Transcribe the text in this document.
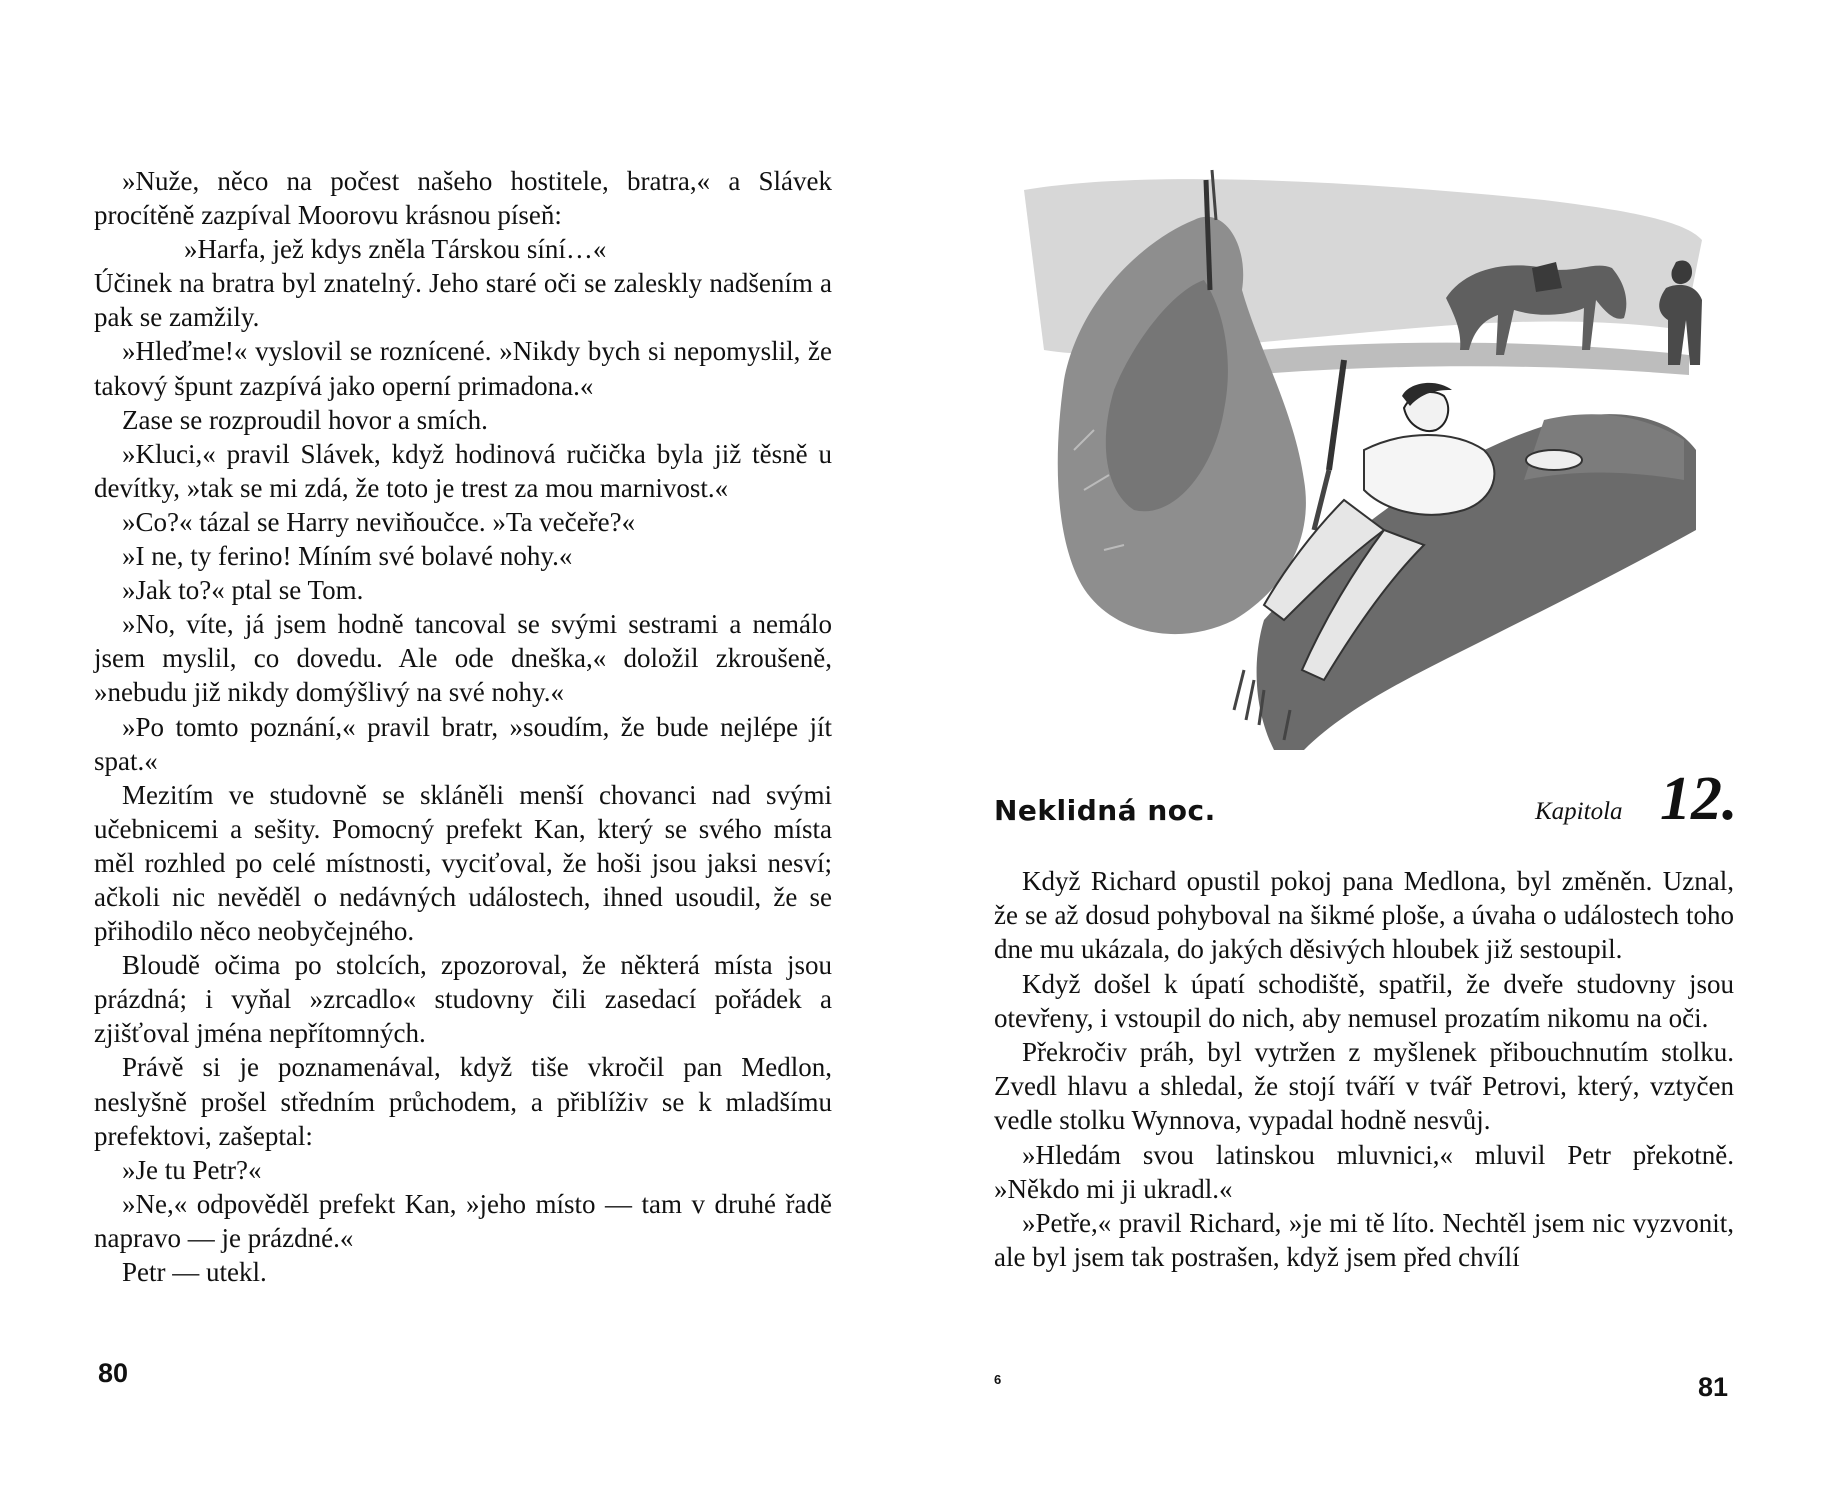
»Nuže, něco na počest našeho hostitele, bratra,« a Slávek procítěně zazpíval Moorovu krásnou píseň:

»Harfa, jež kdys zněla Társkou síní…«

Účinek na bratra byl znatelný. Jeho staré oči se zaleskly nadšením a pak se zamžily.

»Hleďme!« vyslovil se roznícené. »Nikdy bych si nepomyslil, že takový špunt zazpívá jako operní primadona.«

Zase se rozproudil hovor a smích.

»Kluci,« pravil Slávek, když hodinová ručička byla již těsně u devítky, »tak se mi zdá, že toto je trest za mou marnivost.«

»Co?« tázal se Harry neviňoučce. »Ta večeře?«

»I ne, ty ferino! Míním své bolavé nohy.«

»Jak to?« ptal se Tom.

»No, víte, já jsem hodně tancoval se svými sestrami a nemálo jsem myslil, co dovedu. Ale ode dneška,« doložil zkroušeně, »nebudu již nikdy domýšlivý na své nohy.«

»Po tomto poznání,« pravil bratr, »soudím, že bude nejlépe jít spat.«

Mezitím ve studovně se skláněli menší chovanci nad svými učebnicemi a sešity. Pomocný prefekt Kan, který se svého místa měl rozhled po celé místnosti, vyciťoval, že hoši jsou jaksi nesví; ačkoli nic nevěděl o nedávných událostech, ihned usoudil, že se přihodilo něco neobyčejného.

Bloudě očima po stolcích, zpozoroval, že některá místa jsou prázdná; i vyňal »zrcadlo« studovny čili zasedací pořádek a zjišťoval jména nepřítomných.

Právě si je poznamenával, když tiše vkročil pan Medlon, neslyšně prošel středním průchodem, a přiblíživ se k mladšímu prefektovi, zašeptal:

»Je tu Petr?«

»Ne,« odpověděl prefekt Kan, »jeho místo — tam v druhé řadě napravo — je prázdné.«

Petr — utekl.

80
Neklidná noc.	Kapitola 12.

Když Richard opustil pokoj pana Medlona, byl změněn. Uznal, že se až dosud pohyboval na šikmé ploše, a úvaha o událostech toho dne mu ukázala, do jakých děsivých hloubek již sestoupil.

Když došel k úpatí schodiště, spatřil, že dveře studovny jsou otevřeny, i vstoupil do nich, aby nemusel prozatím nikomu na oči.

Překročiv práh, byl vytržen z myšlenek přibouchnutím stolku. Zvedl hlavu a shledal, že stojí tváří v tvář Petrovi, který, vztyčen vedle stolku Wynnova, vypadal hodně nesvůj.

»Hledám svou latinskou mluvnici,« mluvil Petr překotně. »Někdo mi ji ukradl.«

»Petře,« pravil Richard, »je mi tě líto. Nechtěl jsem nic vyzvonit, ale byl jsem tak postrašen, když jsem před chvílí

6	81
